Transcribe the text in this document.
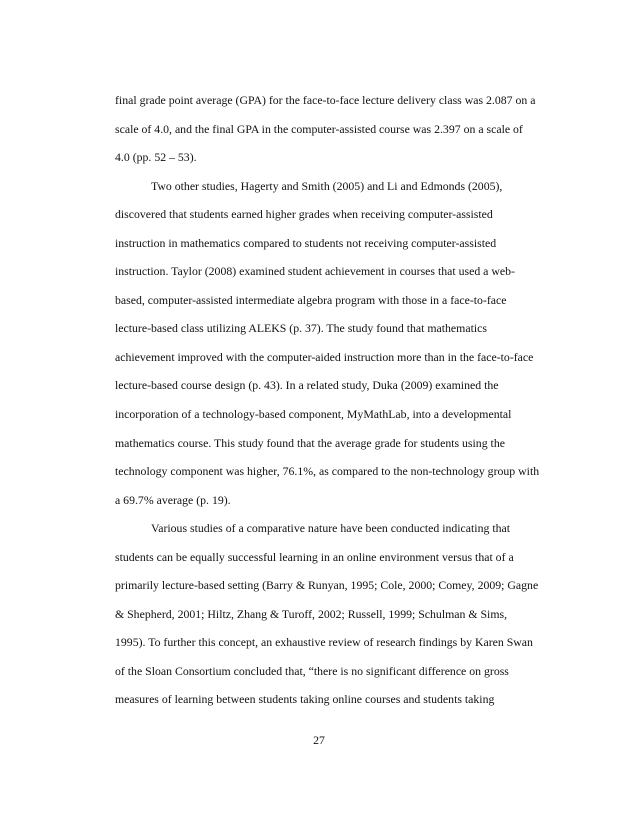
final grade point average (GPA) for the face-to-face lecture delivery class was 2.087 on a
scale of 4.0, and the final GPA in the computer-assisted course was 2.397 on a scale of
4.0 (pp. 52 – 53).
Two other studies, Hagerty and Smith (2005) and Li and Edmonds (2005),
discovered that students earned higher grades when receiving computer-assisted
instruction in mathematics compared to students not receiving computer-assisted
instruction. Taylor (2008) examined student achievement in courses that used a web-
based, computer-assisted intermediate algebra program with those in a face-to-face
lecture-based class utilizing ALEKS (p. 37). The study found that mathematics
achievement improved with the computer-aided instruction more than in the face-to-face
lecture-based course design (p. 43). In a related study, Duka (2009) examined the
incorporation of a technology-based component, MyMathLab, into a developmental
mathematics course. This study found that the average grade for students using the
technology component was higher, 76.1%, as compared to the non-technology group with
a 69.7% average (p. 19).
Various studies of a comparative nature have been conducted indicating that
students can be equally successful learning in an online environment versus that of a
primarily lecture-based setting (Barry & Runyan, 1995; Cole, 2000; Comey, 2009; Gagne
& Shepherd, 2001; Hiltz, Zhang & Turoff, 2002; Russell, 1999; Schulman & Sims,
1995). To further this concept, an exhaustive review of research findings by Karen Swan
of the Sloan Consortium concluded that, “there is no significant difference on gross
measures of learning between students taking online courses and students taking
27
